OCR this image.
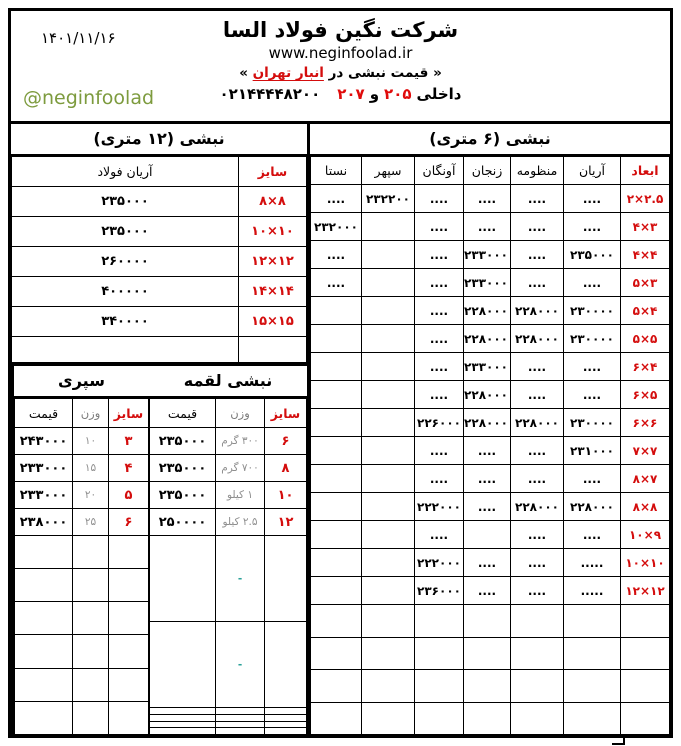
۱۴۰۱/۱۱/۱۶
@neginfoolad
شرکت نگین فولاد السا
www.neginfoolad.ir
« قیمت نبشی در انبار تهران »
داخلی
۲۰۵
و
۲۰۷
۰۲۱۴۴۴۴۸۲۰۰
نبشی (۶ متری)
ابعاد	آریان	منظومه	زنجان	آونگان	سپهر	نستا
۲×۲.۵	....	....	....	....	۲۳۲۲۰۰	....
۴×۳	....	....	....	....		۲۳۲۰۰۰
۴×۴	۲۳۵۰۰۰	....	۲۳۳۰۰۰	....		....
۵×۳	....	....	۲۳۳۰۰۰	....		....
۵×۴	۲۳۰۰۰۰	۲۲۸۰۰۰	۲۲۸۰۰۰	....		
۵×۵	۲۳۰۰۰۰	۲۲۸۰۰۰	۲۲۸۰۰۰	....		
۶×۴	....	....	۲۳۳۰۰۰	....		
۶×۵	....	....	۲۲۸۰۰۰	....		
۶×۶	۲۳۰۰۰۰	۲۲۸۰۰۰	۲۲۸۰۰۰	۲۲۶۰۰۰		
۷×۷	۲۳۱۰۰۰	....	....	....		
۸×۷	....	....	....	....		
۸×۸	۲۲۸۰۰۰	۲۲۸۰۰۰	....	۲۲۲۰۰۰		
۱۰×۹	....	....		....		
۱۰×۱۰	.....	....	....	۲۲۲۰۰۰		
۱۲×۱۲	.....	....	....	۲۳۶۰۰۰		

نبشی (۱۲ متری)
سایز	آریان فولاد
۸×۸	۲۳۵۰۰۰
۱۰×۱۰	۲۳۵۰۰۰
۱۲×۱۲	۲۶۰۰۰۰
۱۴×۱۴	۴۰۰۰۰۰
۱۵×۱۵	۳۴۰۰۰۰

نبشی لقمه
سایز	وزن	قیمت
۶	۳۰۰ گرم	۲۳۵۰۰۰
۸	۷۰۰ گرم	۲۳۵۰۰۰
۱۰	۱ کیلو	۲۳۵۰۰۰
۱۲	۲.۵ کیلو	۲۵۰۰۰۰
	-	
	-	

سپری
سایز	وزن	قیمت
۳	۱۰	۲۴۳۰۰۰
۴	۱۵	۲۳۳۰۰۰
۵	۲۰	۲۳۳۰۰۰
۶	۲۵	۲۳۸۰۰۰
